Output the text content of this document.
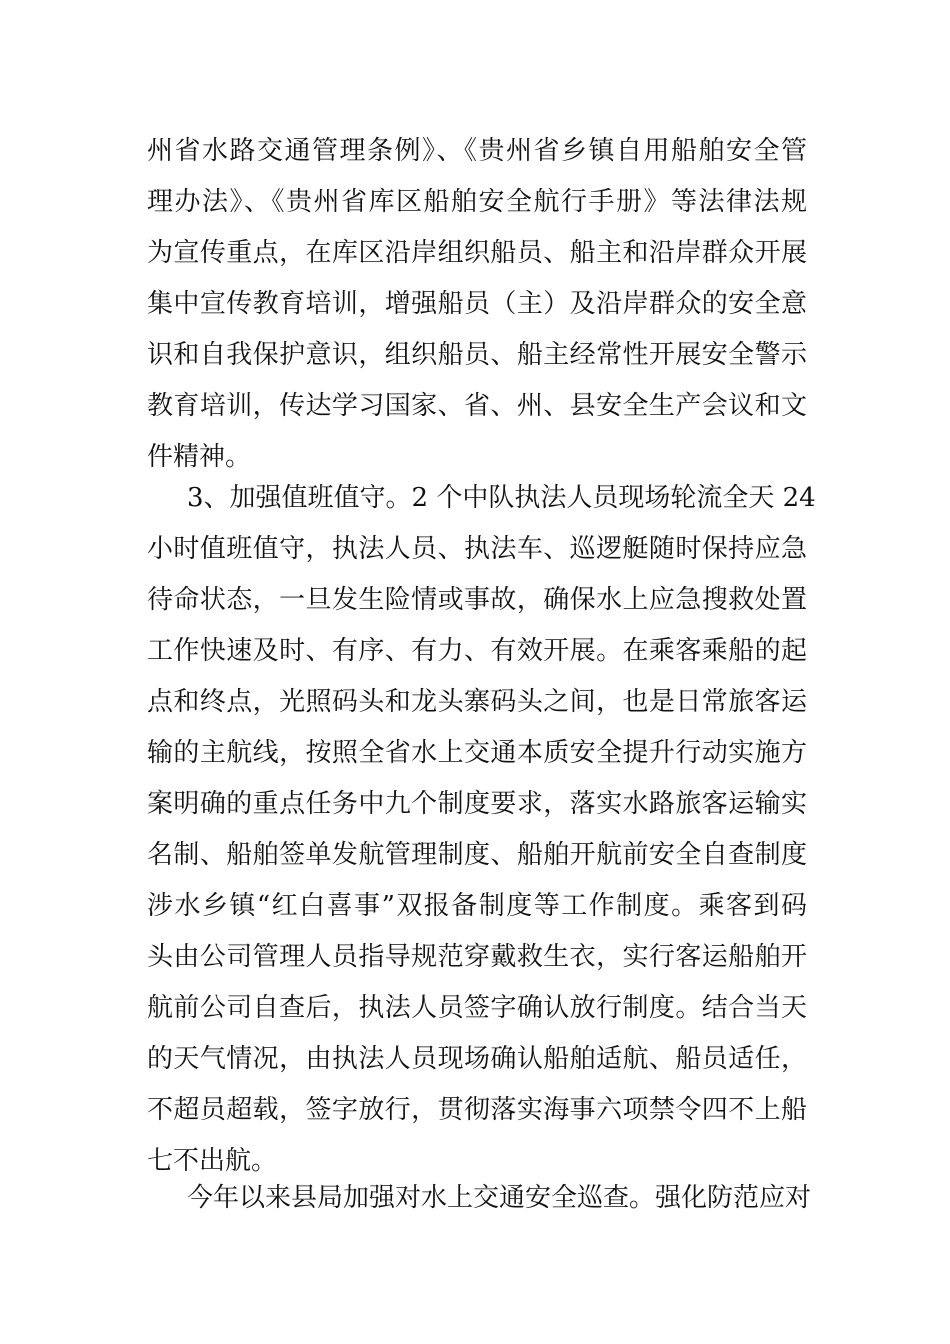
州省水路交通管理条例》、《贵州省乡镇自用船舶安全管
理办法》、《贵州省库区船舶安全航行手册》等法律法规
为宣传重点，在库区沿岸组织船员、船主和沿岸群众开展
集中宣传教育培训，增强船员（主）及沿岸群众的安全意
识和自我保护意识，组织船员、船主经常性开展安全警示
教育培训，传达学习国家、省、州、县安全生产会议和文
件精神。
3、加强值班值守。2 个中队执法人员现场轮流全天 24
小时值班值守，执法人员、执法车、巡逻艇随时保持应急
待命状态，一旦发生险情或事故，确保水上应急搜救处置
工作快速及时、有序、有力、有效开展。在乘客乘船的起
点和终点，光照码头和龙头寨码头之间，也是日常旅客运
输的主航线，按照全省水上交通本质安全提升行动实施方
案明确的重点任务中九个制度要求，落实水路旅客运输实
名制、船舶签单发航管理制度、船舶开航前安全自查制度
涉水乡镇“红白喜事”双报备制度等工作制度。乘客到码
头由公司管理人员指导规范穿戴救生衣，实行客运船舶开
航前公司自查后，执法人员签字确认放行制度。结合当天
的天气情况，由执法人员现场确认船舶适航、船员适任，
不超员超载，签字放行，贯彻落实海事六项禁令四不上船
七不出航。
今年以来县局加强对水上交通安全巡查。强化防范应对
